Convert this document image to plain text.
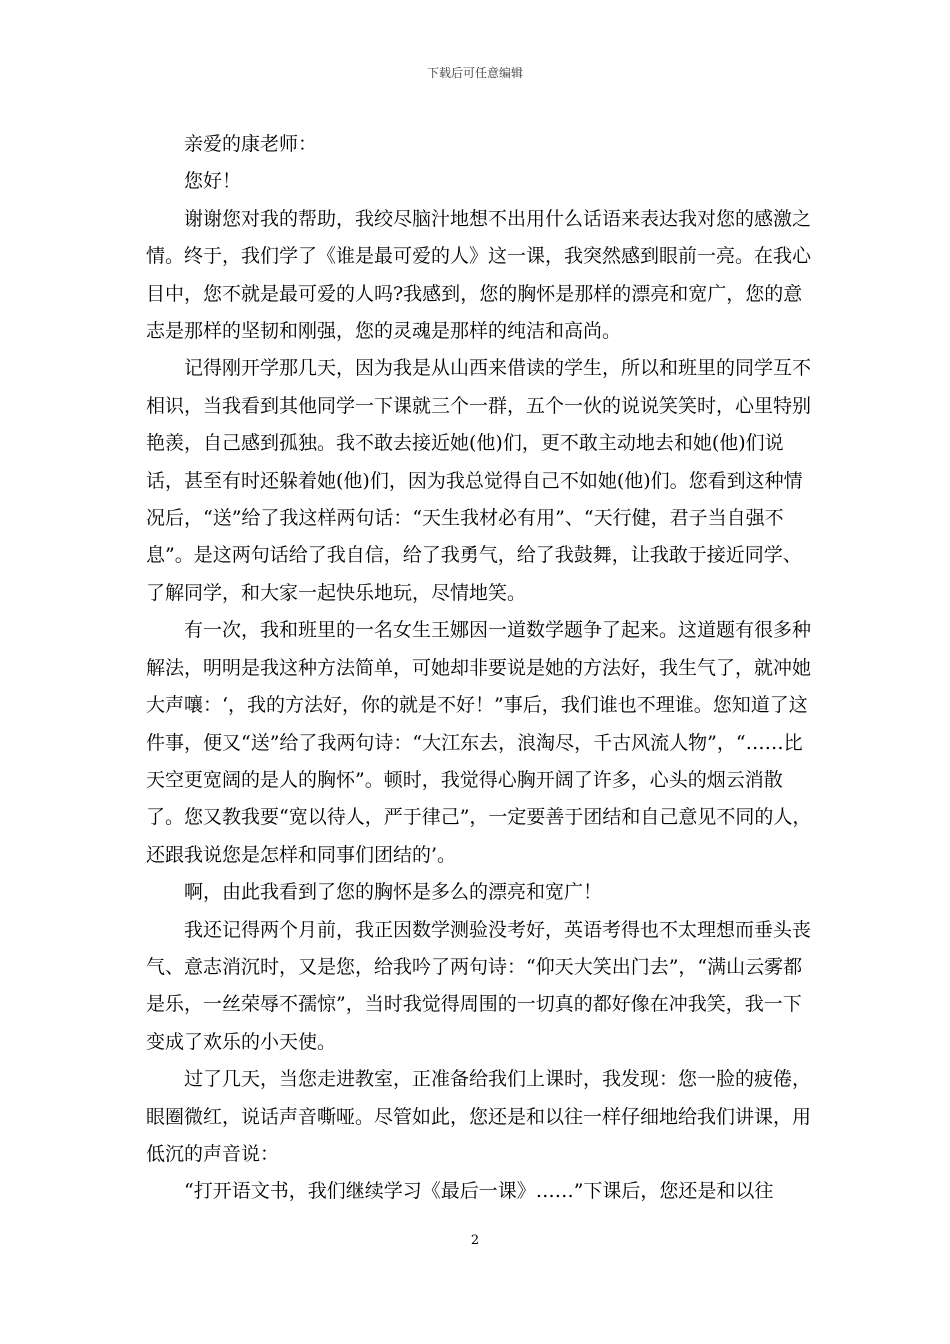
下载后可任意编辑

亲爱的康老师：

您好！

谢谢您对我的帮助，我绞尽脑汁地想不出用什么话语来表达我对您的感激之情。终于，我们学了《谁是最可爱的人》这一课，我突然感到眼前一亮。在我心目中，您不就是最可爱的人吗?我感到，您的胸怀是那样的漂亮和宽广，您的意志是那样的坚韧和刚强，您的灵魂是那样的纯洁和高尚。

记得刚开学那几天，因为我是从山西来借读的学生，所以和班里的同学互不相识，当我看到其他同学一下课就三个一群，五个一伙的说说笑笑时，心里特别艳羡，自己感到孤独。我不敢去接近她(他)们，更不敢主动地去和她(他)们说话，甚至有时还躲着她(他)们，因为我总觉得自己不如她(他)们。您看到这种情况后，“送”给了我这样两句话：“天生我材必有用”、“天行健，君子当自强不息”。是这两句话给了我自信，给了我勇气，给了我鼓舞，让我敢于接近同学、了解同学，和大家一起快乐地玩，尽情地笑。

有一次，我和班里的一名女生王娜因一道数学题争了起来。这道题有很多种解法，明明是我这种方法简单，可她却非要说是她的方法好，我生气了，就冲她大声嚷：‘，我的方法好，你的就是不好！”事后，我们谁也不理谁。您知道了这件事，便又“送”给了我两句诗：“大江东去，浪淘尽，千古风流人物”，“……比天空更宽阔的是人的胸怀”。顿时，我觉得心胸开阔了许多，心头的烟云消散了。您又教我要“宽以待人，严于律己”，一定要善于团结和自己意见不同的人，还跟我说您是怎样和同事们团结的’。

啊，由此我看到了您的胸怀是多么的漂亮和宽广！

我还记得两个月前，我正因数学测验没考好，英语考得也不太理想而垂头丧气、意志消沉时，又是您，给我吟了两句诗：“仰天大笑出门去”，“满山云雾都是乐，一丝荣辱不孺惊”，当时我觉得周围的一切真的都好像在冲我笑，我一下变成了欢乐的小天使。

过了几天，当您走进教室，正准备给我们上课时，我发现：您一脸的疲倦，眼圈微红，说话声音嘶哑。尽管如此，您还是和以往一样仔细地给我们讲课，用低沉的声音说：

“打开语文书，我们继续学习《最后一课》……”下课后，您还是和以往

2
